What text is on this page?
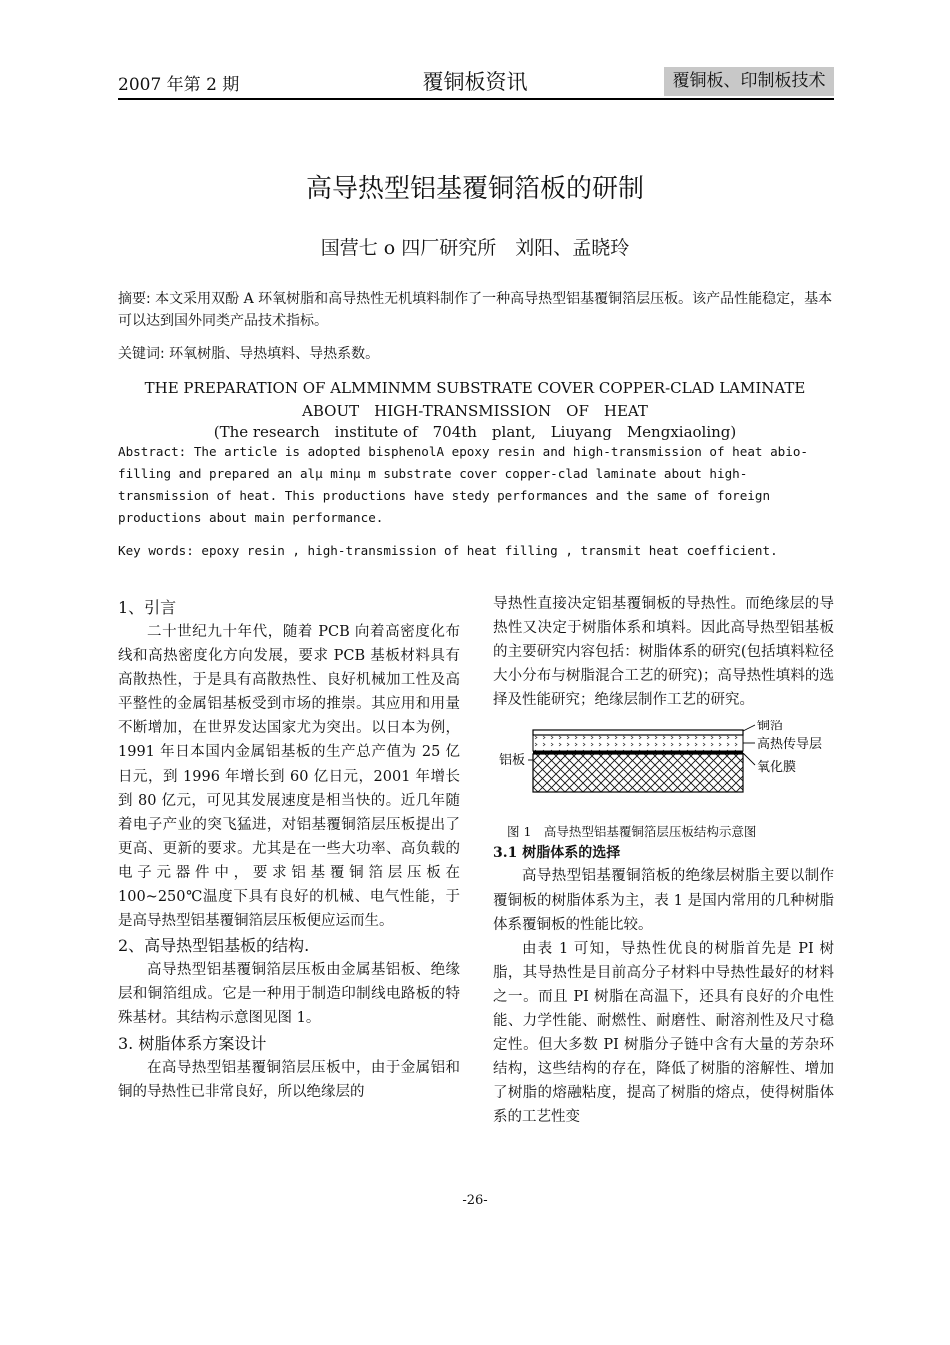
2007 年第 2 期	覆铜板资讯	覆铜板、印制板技术
高导热型铝基覆铜箔板的研制
国营七 ο 四厂研究所　刘阳、孟晓玲
摘要: 本文采用双酚 A 环氧树脂和高导热性无机填料制作了一种高导热型铝基覆铜箔层压板。该产品性能稳定，基本可以达到国外同类产品技术指标。
关键词: 环氧树脂、导热填料、导热系数。
THE PREPARATION OF ALMMINMM SUBSTRATE COVER COPPER-CLAD LAMINATE
ABOUT　HIGH-TRANSMISSION　OF　HEAT
(The research　institute of　704th　plant,　Liuyang　Mengxiaoling)
Abstract: The article is adopted bisphenolA epoxy resin and high-transmission of heat abio-filling and prepared an alμ minμ m substrate cover copper-clad laminate about high- transmission of heat. This productions have stedy performances and the same of foreign productions about main performance.
Key words: epoxy resin , high-transmission of heat filling , transmit heat coefficient.
1、引言
二十世纪九十年代，随着 PCB 向着高密度化布线和高热密度化方向发展，要求 PCB 基板材料具有高散热性，于是具有高散热性、良好机械加工性及高平整性的金属铝基板受到市场的推崇。其应用和用量不断增加，在世界发达国家尤为突出。以日本为例，1991 年日本国内金属铝基板的生产总产值为 25 亿日元，到 1996 年增长到 60 亿日元，2001 年增长到 80 亿元，可见其发展速度是相当快的。近几年随着电子产业的突飞猛进，对铝基覆铜箔层压板提出了更高、更新的要求。尤其是在一些大功率、高负载的电子元器件中，要求铝基覆铜箔层压板在 100~250℃温度下具有良好的机械、电气性能，于是高导热型铝基覆铜箔层压板便应运而生。
2、高导热型铝基板的结构.
高导热型铝基覆铜箔层压板由金属基铝板、绝缘层和铜箔组成。它是一种用于制造印制线电路板的特殊基材。其结构示意图见图 1。
3. 树脂体系方案设计
在高导热型铝基覆铜箔层压板中，由于金属铝和铜的导热性已非常良好，所以绝缘层的
导热性直接决定铝基覆铜板的导热性。而绝缘层的导热性又决定于树脂体系和填料。因此高导热型铝基板的主要研究内容包括：树脂体系的研究(包括填料粒径大小分布与树脂混合工艺的研究)；高导热性填料的选择及性能研究；绝缘层制作工艺的研究。
铜箔
高热传导层
铝板	氧化膜
图 1　高导热型铝基覆铜箔层压板结构示意图
3.1 树脂体系的选择
高导热型铝基覆铜箔板的绝缘层树脂主要以制作覆铜板的树脂体系为主，表 1 是国内常用的几种树脂体系覆铜板的性能比较。
由表 1 可知，导热性优良的树脂首先是 PI 树脂，其导热性是目前高分子材料中导热性最好的材料之一。而且 PI 树脂在高温下，还具有良好的介电性能、力学性能、耐燃性、耐磨性、耐溶剂性及尺寸稳定性。但大多数 PI 树脂分子链中含有大量的芳杂环结构，这些结构的存在，降低了树脂的溶解性、增加了树脂的熔融粘度，提高了树脂的熔点，使得树脂体系的工艺性变
-26-
